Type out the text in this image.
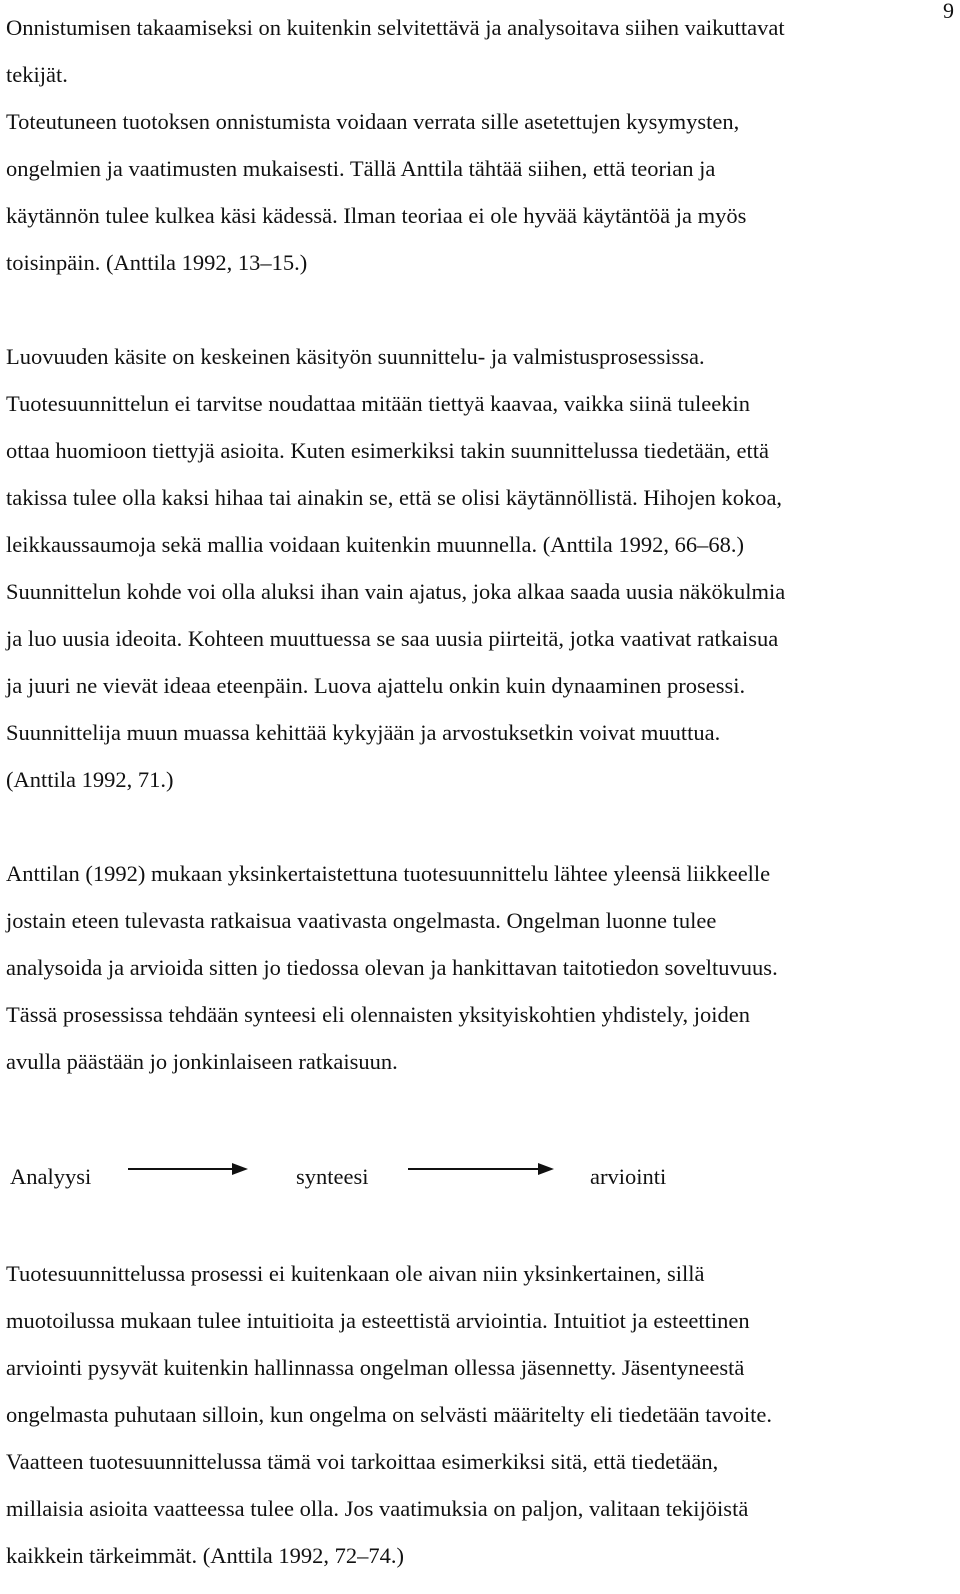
9
Onnistumisen takaamiseksi on kuitenkin selvitettävä ja analysoitava siihen vaikuttavat
tekijät.
Toteutuneen tuotoksen onnistumista voidaan verrata sille asetettujen kysymysten,
ongelmien ja vaatimusten mukaisesti. Tällä Anttila tähtää siihen, että teorian ja
käytännön tulee kulkea käsi kädessä. Ilman teoriaa ei ole hyvää käytäntöä ja myös
toisinpäin. (Anttila 1992, 13–15.)
Luovuuden käsite on keskeinen käsityön suunnittelu- ja valmistusprosessissa.
Tuotesuunnittelun ei tarvitse noudattaa mitään tiettyä kaavaa, vaikka siinä tuleekin
ottaa huomioon tiettyjä asioita. Kuten esimerkiksi takin suunnittelussa tiedetään, että
takissa tulee olla kaksi hihaa tai ainakin se, että se olisi käytännöllistä. Hihojen kokoa,
leikkaussaumoja sekä mallia voidaan kuitenkin muunnella. (Anttila 1992, 66–68.)
Suunnittelun kohde voi olla aluksi ihan vain ajatus, joka alkaa saada uusia näkökulmia
ja luo uusia ideoita. Kohteen muuttuessa se saa uusia piirteitä, jotka vaativat ratkaisua
ja juuri ne vievät ideaa eteenpäin. Luova ajattelu onkin kuin dynaaminen prosessi.
Suunnittelija muun muassa kehittää kykyjään ja arvostuksetkin voivat muuttua.
(Anttila 1992, 71.)
Anttilan (1992) mukaan yksinkertaistettuna tuotesuunnittelu lähtee yleensä liikkeelle
jostain eteen tulevasta ratkaisua vaativasta ongelmasta. Ongelman luonne tulee
analysoida ja arvioida sitten jo tiedossa olevan ja hankittavan taitotiedon soveltuvuus.
Tässä prosessissa tehdään synteesi eli olennaisten yksityiskohtien yhdistely, joiden
avulla päästään jo jonkinlaiseen ratkaisuun.
Analyysi	synteesi	arviointi
Tuotesuunnittelussa prosessi ei kuitenkaan ole aivan niin yksinkertainen, sillä
muotoilussa mukaan tulee intuitioita ja esteettistä arviointia. Intuitiot ja esteettinen
arviointi pysyvät kuitenkin hallinnassa ongelman ollessa jäsennetty. Jäsentyneestä
ongelmasta puhutaan silloin, kun ongelma on selvästi määritelty eli tiedetään tavoite.
Vaatteen tuotesuunnittelussa tämä voi tarkoittaa esimerkiksi sitä, että tiedetään,
millaisia asioita vaatteessa tulee olla. Jos vaatimuksia on paljon, valitaan tekijöistä
kaikkein tärkeimmät. (Anttila 1992, 72–74.)
